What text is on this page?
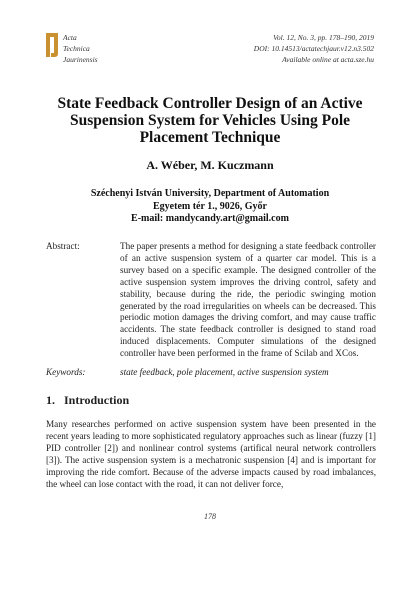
Acta
Technica
Jaurinensis
Vol. 12, No. 3, pp. 178–190, 2019
DOI: 10.14513/actatechjaur.v12.n3.502
Available online at acta.sze.hu
State Feedback Controller Design of an Active Suspension System for Vehicles Using Pole Placement Technique
A. Wéber, M. Kuczmann
Széchenyi István University, Department of Automation
Egyetem tér 1., 9026, Győr
E-mail: mandycandy.art@gmail.com
Abstract:	The paper presents a method for designing a state feedback controller of an active suspension system of a quarter car model. This is a survey based on a specific example. The designed controller of the active suspension system improves the driving control, safety and stability, because during the ride, the periodic swinging motion generated by the road irregularities on wheels can be decreased. This periodic motion damages the driving comfort, and may cause traffic accidents. The state feedback controller is designed to stand road induced displacements. Computer simulations of the designed controller have been performed in the frame of Scilab and XCos.
Keywords:	state feedback, pole placement, active suspension system
1. Introduction
Many researches performed on active suspension system have been presented in the recent years leading to more sophisticated regulatory approaches such as linear (fuzzy [1] PID controller [2]) and nonlinear control systems (artifical neural network controllers [3]). The active suspension system is a mechatronic suspension [4] and is important for improving the ride comfort. Because of the adverse impacts caused by road imbalances, the wheel can lose contact with the road, it can not deliver force,
178
